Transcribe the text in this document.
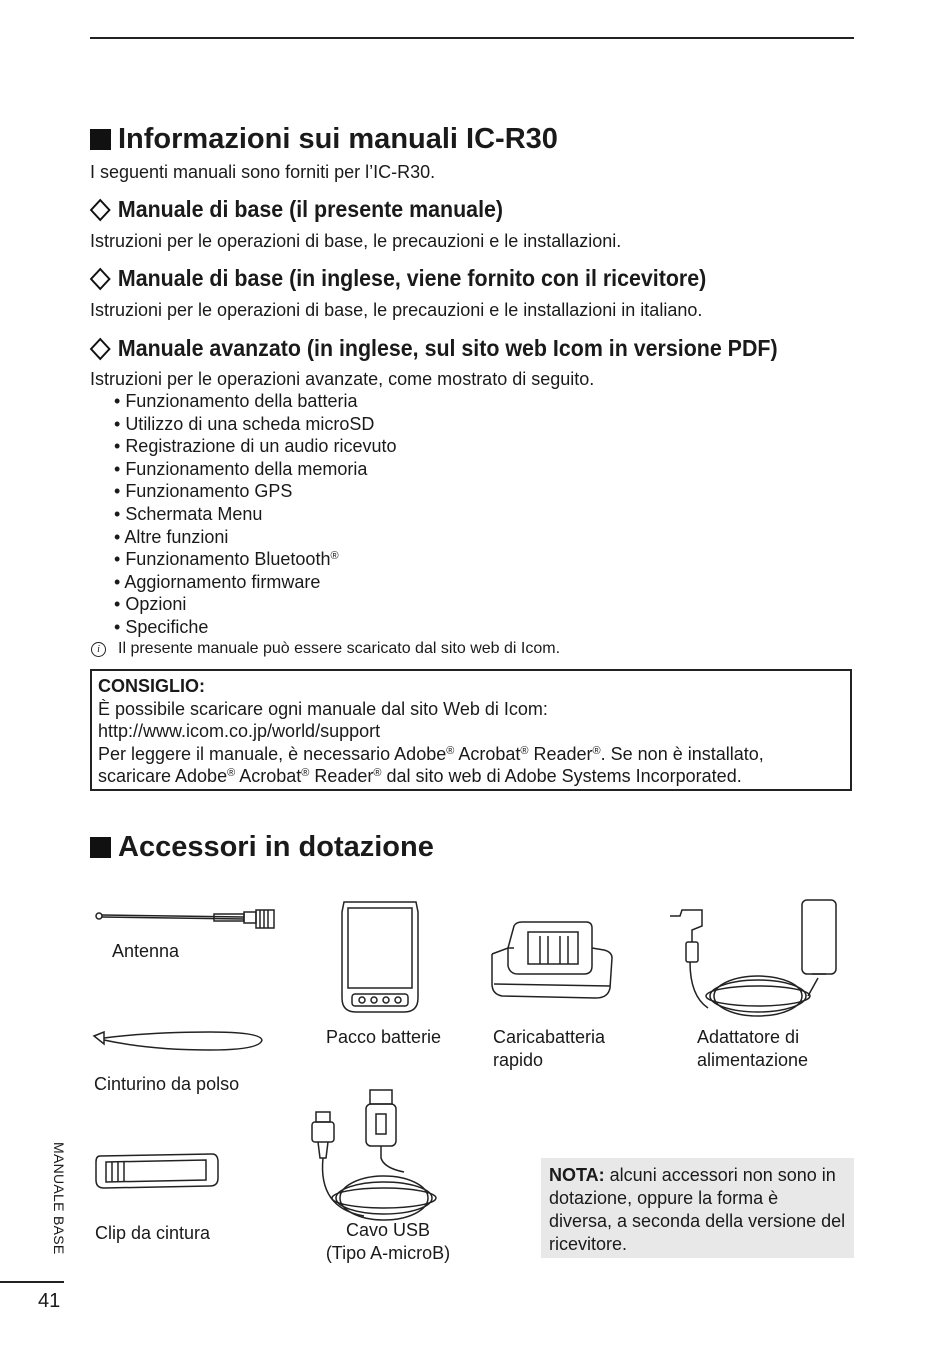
Informazioni sui manuali IC-R30
I seguenti manuali sono forniti per l’IC-R30.
Manuale di base (il presente manuale)
Istruzioni per le operazioni di base, le precauzioni e le installazioni.
Manuale di base (in inglese, viene fornito con il ricevitore)
Istruzioni per le operazioni di base, le precauzioni e le installazioni in italiano.
Manuale avanzato (in inglese, sul sito web Icom in versione PDF)
Istruzioni per le operazioni avanzate, come mostrato di seguito.
• Funzionamento della batteria
• Utilizzo di una scheda microSD
• Registrazione di un audio ricevuto
• Funzionamento della memoria
• Funzionamento GPS
• Schermata Menu
• Altre funzioni
• Funzionamento Bluetooth®
• Aggiornamento firmware
• Opzioni
• Specifiche
i	Il presente manuale può essere scaricato dal sito web di Icom.
CONSIGLIO:
È possibile scaricare ogni manuale dal sito Web di Icom:
http://www.icom.co.jp/world/support
Per leggere il manuale, è necessario Adobe® Acrobat® Reader®. Se non è installato,
scaricare Adobe® Acrobat® Reader® dal sito web di Adobe Systems Incorporated.
Accessori in dotazione
Antenna
Pacco batterie	Caricabatteria
rapido
Adattatore di
alimentazione
Cinturino da polso
Cavo USB
(Tipo A-microB)
Clip da cintura
NOTA: alcuni accessori non sono in dotazione, oppure la forma è diversa, a seconda della versione del ricevitore.
MANUALE BASE
41
